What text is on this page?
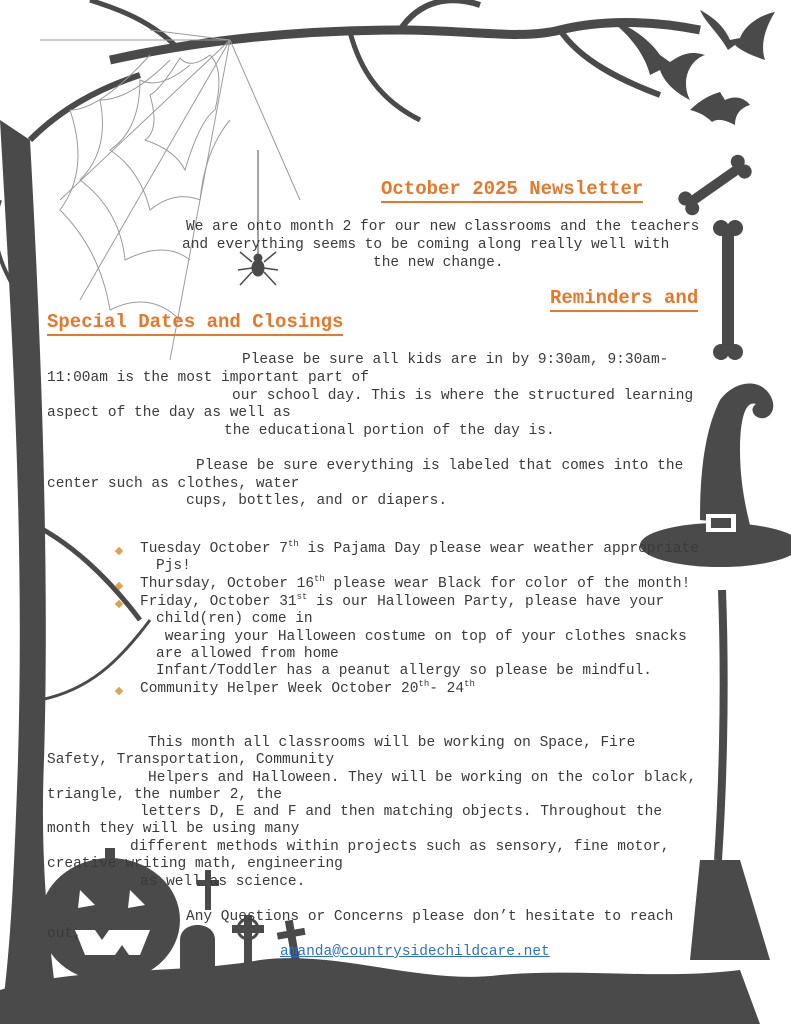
October 2025 Newsletter
We are onto month 2 for our new classrooms and the teachers
and everything seems to be coming along really well with
the new change.
Reminders and
Special Dates and Closings
Please be sure all kids are in by 9:30am, 9:30am-
11:00am is the most important part of
our school day. This is where the structured learning
aspect of the day as well as
the educational portion of the day is.
Please be sure everything is labeled that comes into the
center such as clothes, water
cups, bottles, and or diapers.
Tuesday October 7th is Pajama Day please wear weather appropriate
Pjs!
Thursday, October 16th please wear Black for color of the month!
Friday, October 31st is our Halloween Party, please have your
child(ren) come in
wearing your Halloween costume on top of your clothes snacks
are allowed from home
Infant/Toddler has a peanut allergy so please be mindful.
Community Helper Week October 20th- 24th
This month all classrooms will be working on Space, Fire
Safety, Transportation, Community
Helpers and Halloween. They will be working on the color black,
triangle, the number 2, the
letters D, E and F and then matching objects. Throughout the
month they will be using many
different methods within projects such as sensory, fine motor,
creative writing math, engineering
as well as science.
Any Questions or Concerns please don’t hesitate to reach
out,
amanda@countrysidechildcare.net
